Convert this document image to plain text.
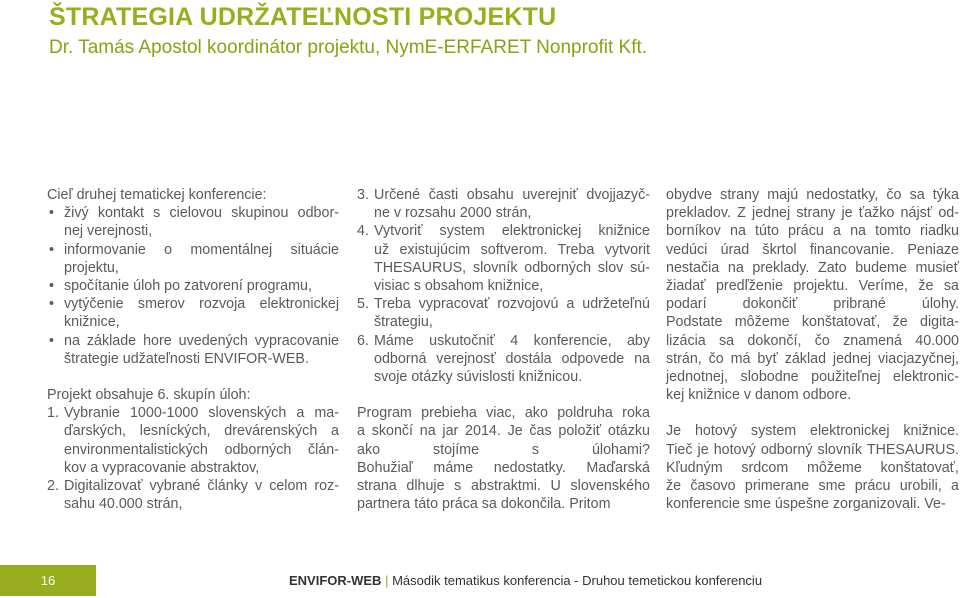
ŠTRATEGIA UDRŽATEĽNOSTI PROJEKTU
Dr. Tamás Apostol koordinátor projektu, NymE-ERFARET Nonprofit Kft.
Cieľ druhej tematickej konferencie:
• živý kontakt s cielovou skupinou odbor-
nej verejnosti,
• informovanie o momentálnej situácie
projektu,
• spočítanie úloh po zatvorení programu,
• vytýčenie smerov rozvoja elektronickej
knižnice,
• na základe hore uvedených vypracovanie
štrategie udžateľnosti ENVIFOR-WEB.
Projekt obsahuje 6. skupín úloh:
1. Vybranie 1000-1000 slovenských a ma-
ďarských, lesníckých, drevárenských a
environmentalistických odborných člán-
kov a vypracovanie abstraktov,
2. Digitalizovať vybrané články v celom roz-
sahu 40.000 strán,
3. Určené časti obsahu uverejniť dvojjazyč-
ne v rozsahu 2000 strán,
4. Vytvoriť system elektronickej knižnice
už existujúcim softverom. Treba vytvorit
THESAURUS, slovník odborných slov sú-
visiac s obsahom knižnice,
5. Treba vypracovať rozvojovú a udržeteľnú
štrategiu,
6. Máme uskutočniť 4 konferencie, aby
odborná verejnosť dostála odpovede na
svoje otázky súvislosti knižnicou.
Program prebieha viac, ako poldruha roka
a skončí na jar 2014. Je čas položiť otázku
ako stojíme s úlohami?
Bohužiaľ máme nedostatky. Maďarská
strana dlhuje s abstraktmi. U slovenského
partnera táto práca sa dokončila. Pritom
obydve strany majú nedostatky, čo sa týka
prekladov. Z jednej strany je ťažko nájsť od-
borníkov na túto prácu a na tomto riadku
vedúci úrad škrtol financovanie. Peniaze
nestačia na preklady. Zato budeme musieť
žiadať predľženie projektu. Veríme, že sa
podarí dokončiť pribrané úlohy.
Podstate môžeme konštatovať, že digita-
lizácia sa dokončí, čo znamená 40.000
strán, čo má byť základ jednej viacjazyčnej,
jednotnej, slobodne použiteľnej elektronic-
kej knižnice v danom odbore.
Je hotový system elektronickej knižnice.
Tieč je hotový odborný slovník THESAURUS.
Kľudným srdcom môžeme konštatovať,
že časovo primerane sme prácu urobili, a
konferencie sme úspešne zorganizovali. Ve-
16	ENVIFOR-WEB | Második tematikus konferencia - Druhou temetickou konferenciu
